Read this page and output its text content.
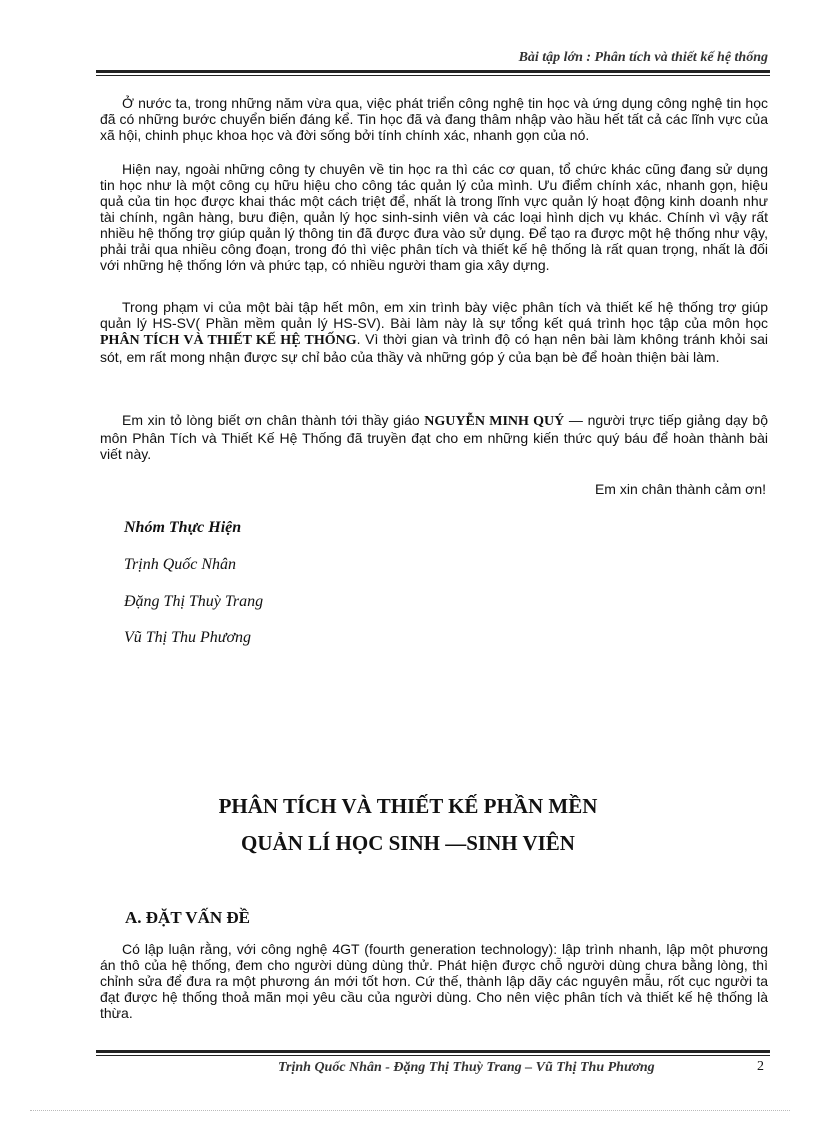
Bài tập lớn : Phân tích và thiết kế hệ thống
Ở nước ta, trong những năm vừa qua, việc phát triển công nghệ tin học và ứng dụng công nghệ tin học đã có những bước chuyển biến đáng kể. Tin học đã và đang thâm nhập vào hầu hết tất cả các lĩnh vực của xã hội, chinh phục khoa học và đời sống bởi tính chính xác, nhanh gọn của nó.
Hiện nay, ngoài những công ty chuyên về tin học ra thì các cơ quan, tổ chức khác cũng đang sử dụng tin học như là một công cụ hữu hiệu cho công tác quản lý của mình. Ưu điểm chính xác, nhanh gọn, hiệu quả của tin học được khai thác một cách triệt để, nhất là trong lĩnh vực quản lý hoạt động kinh doanh như tài chính, ngân hàng, bưu điện, quản lý học sinh-sinh viên và các loại hình dịch vụ khác. Chính vì vậy rất nhiều hệ thống trợ giúp quản lý thông tin đã được đưa vào sử dụng. Để tạo ra được một hệ thống như vậy, phải trải qua nhiều công đoạn, trong đó thì việc phân tích và thiết kế hệ thống là rất quan trọng, nhất là đối với những hệ thống lớn và phức tạp, có nhiều người tham gia xây dựng.
Trong phạm vi của một bài tập hết môn, em xin trình bày việc phân tích và thiết kế hệ thống trợ giúp quản lý HS-SV( Phần mềm quản lý HS-SV). Bài làm này là sự tổng kết quá trình học tập của môn học PHÂN TÍCH VÀ THIẾT KẾ HỆ THỐNG. Vì thời gian và trình độ có hạn nên bài làm không tránh khỏi sai sót, em rất mong nhận được sự chỉ bảo của thầy và những góp ý của bạn bè để hoàn thiện bài làm.
Em xin tỏ lòng biết ơn chân thành tới thầy giáo NGUYỄN MINH QUÝ — người trực tiếp giảng dạy bộ môn Phân Tích và Thiết Kế Hệ Thống đã truyền đạt cho em những kiến thức quý báu để hoàn thành bài viết này.
Em xin chân thành cảm ơn!
Nhóm Thực Hiện
Trịnh Quốc Nhân
Đặng Thị Thuỳ Trang
Vũ Thị Thu Phương
PHÂN TÍCH VÀ THIẾT KẾ PHẦN MỀN
QUẢN LÍ HỌC SINH —SINH VIÊN
A. ĐẶT VẤN ĐỀ
Có lập luận rằng, với công nghệ 4GT (fourth generation technology): lập trình nhanh, lập một phương án thô của hệ thống, đem cho người dùng dùng thử. Phát hiện được chỗ người dùng chưa bằng lòng, thì chỉnh sửa để đưa ra một phương án mới tốt hơn. Cứ thế, thành lập dãy các nguyên mẫu, rốt cục người ta đạt được hệ thống thoả mãn mọi yêu cầu của người dùng. Cho nên việc phân tích và thiết kế hệ thống là thừa.
Trịnh Quốc Nhân - Đặng Thị Thuỳ Trang – Vũ Thị Thu Phương	2
